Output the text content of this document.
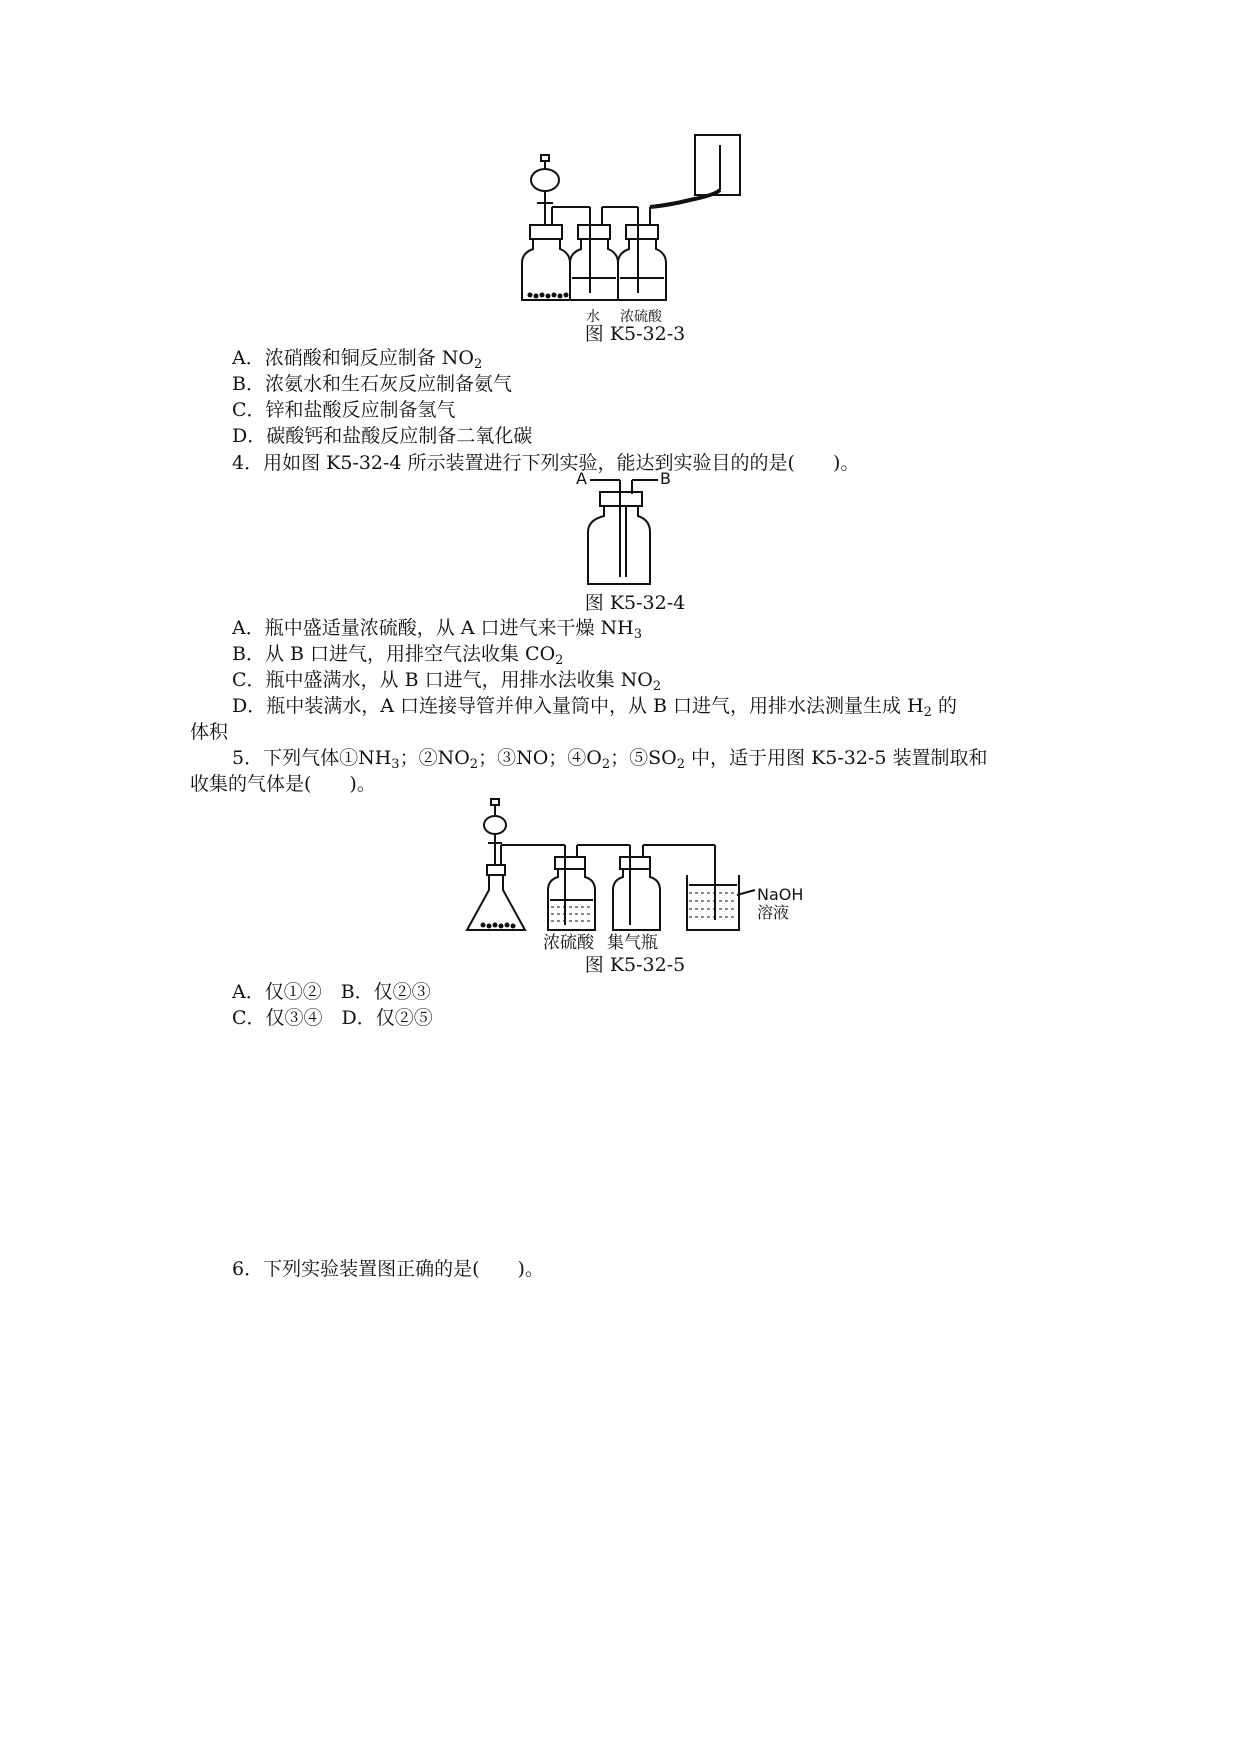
水 浓硫酸
图 K5-32-3
A．浓硝酸和铜反应制备 $NO_2$
B．浓氨水和生石灰反应制备氨气
C．锌和盐酸反应制备氢气
D．碳酸钙和盐酸反应制备二氧化碳
4．用如图 K5-32-4 所示装置进行下列实验，能达到实验目的的是(　　)。
A	B
图 K5-32-4
A．瓶中盛适量浓硫酸，从 A 口进气来干燥 $NH_3$
B．从 B 口进气，用排空气法收集 $CO_2$
C．瓶中盛满水，从 B 口进气，用排水法收集 $NO_2$
D．瓶中装满水，A 口连接导管并伸入量筒中，从 B 口进气，用排水法测量生成 $H_2$ 的
体积
5．下列气体$①NH_3$；$②NO_2$；③NO；$④O_2$；$⑤SO_2$ 中，适于用图 K5-32-5 装置制取和
收集的气体是(　　)。
NaOH
溶液
浓硫酸 集气瓶
图 K5-32-5
A．仅①②　B．仅②③
C．仅③④　D．仅②⑤
6．下列实验装置图正确的是(　　)。
